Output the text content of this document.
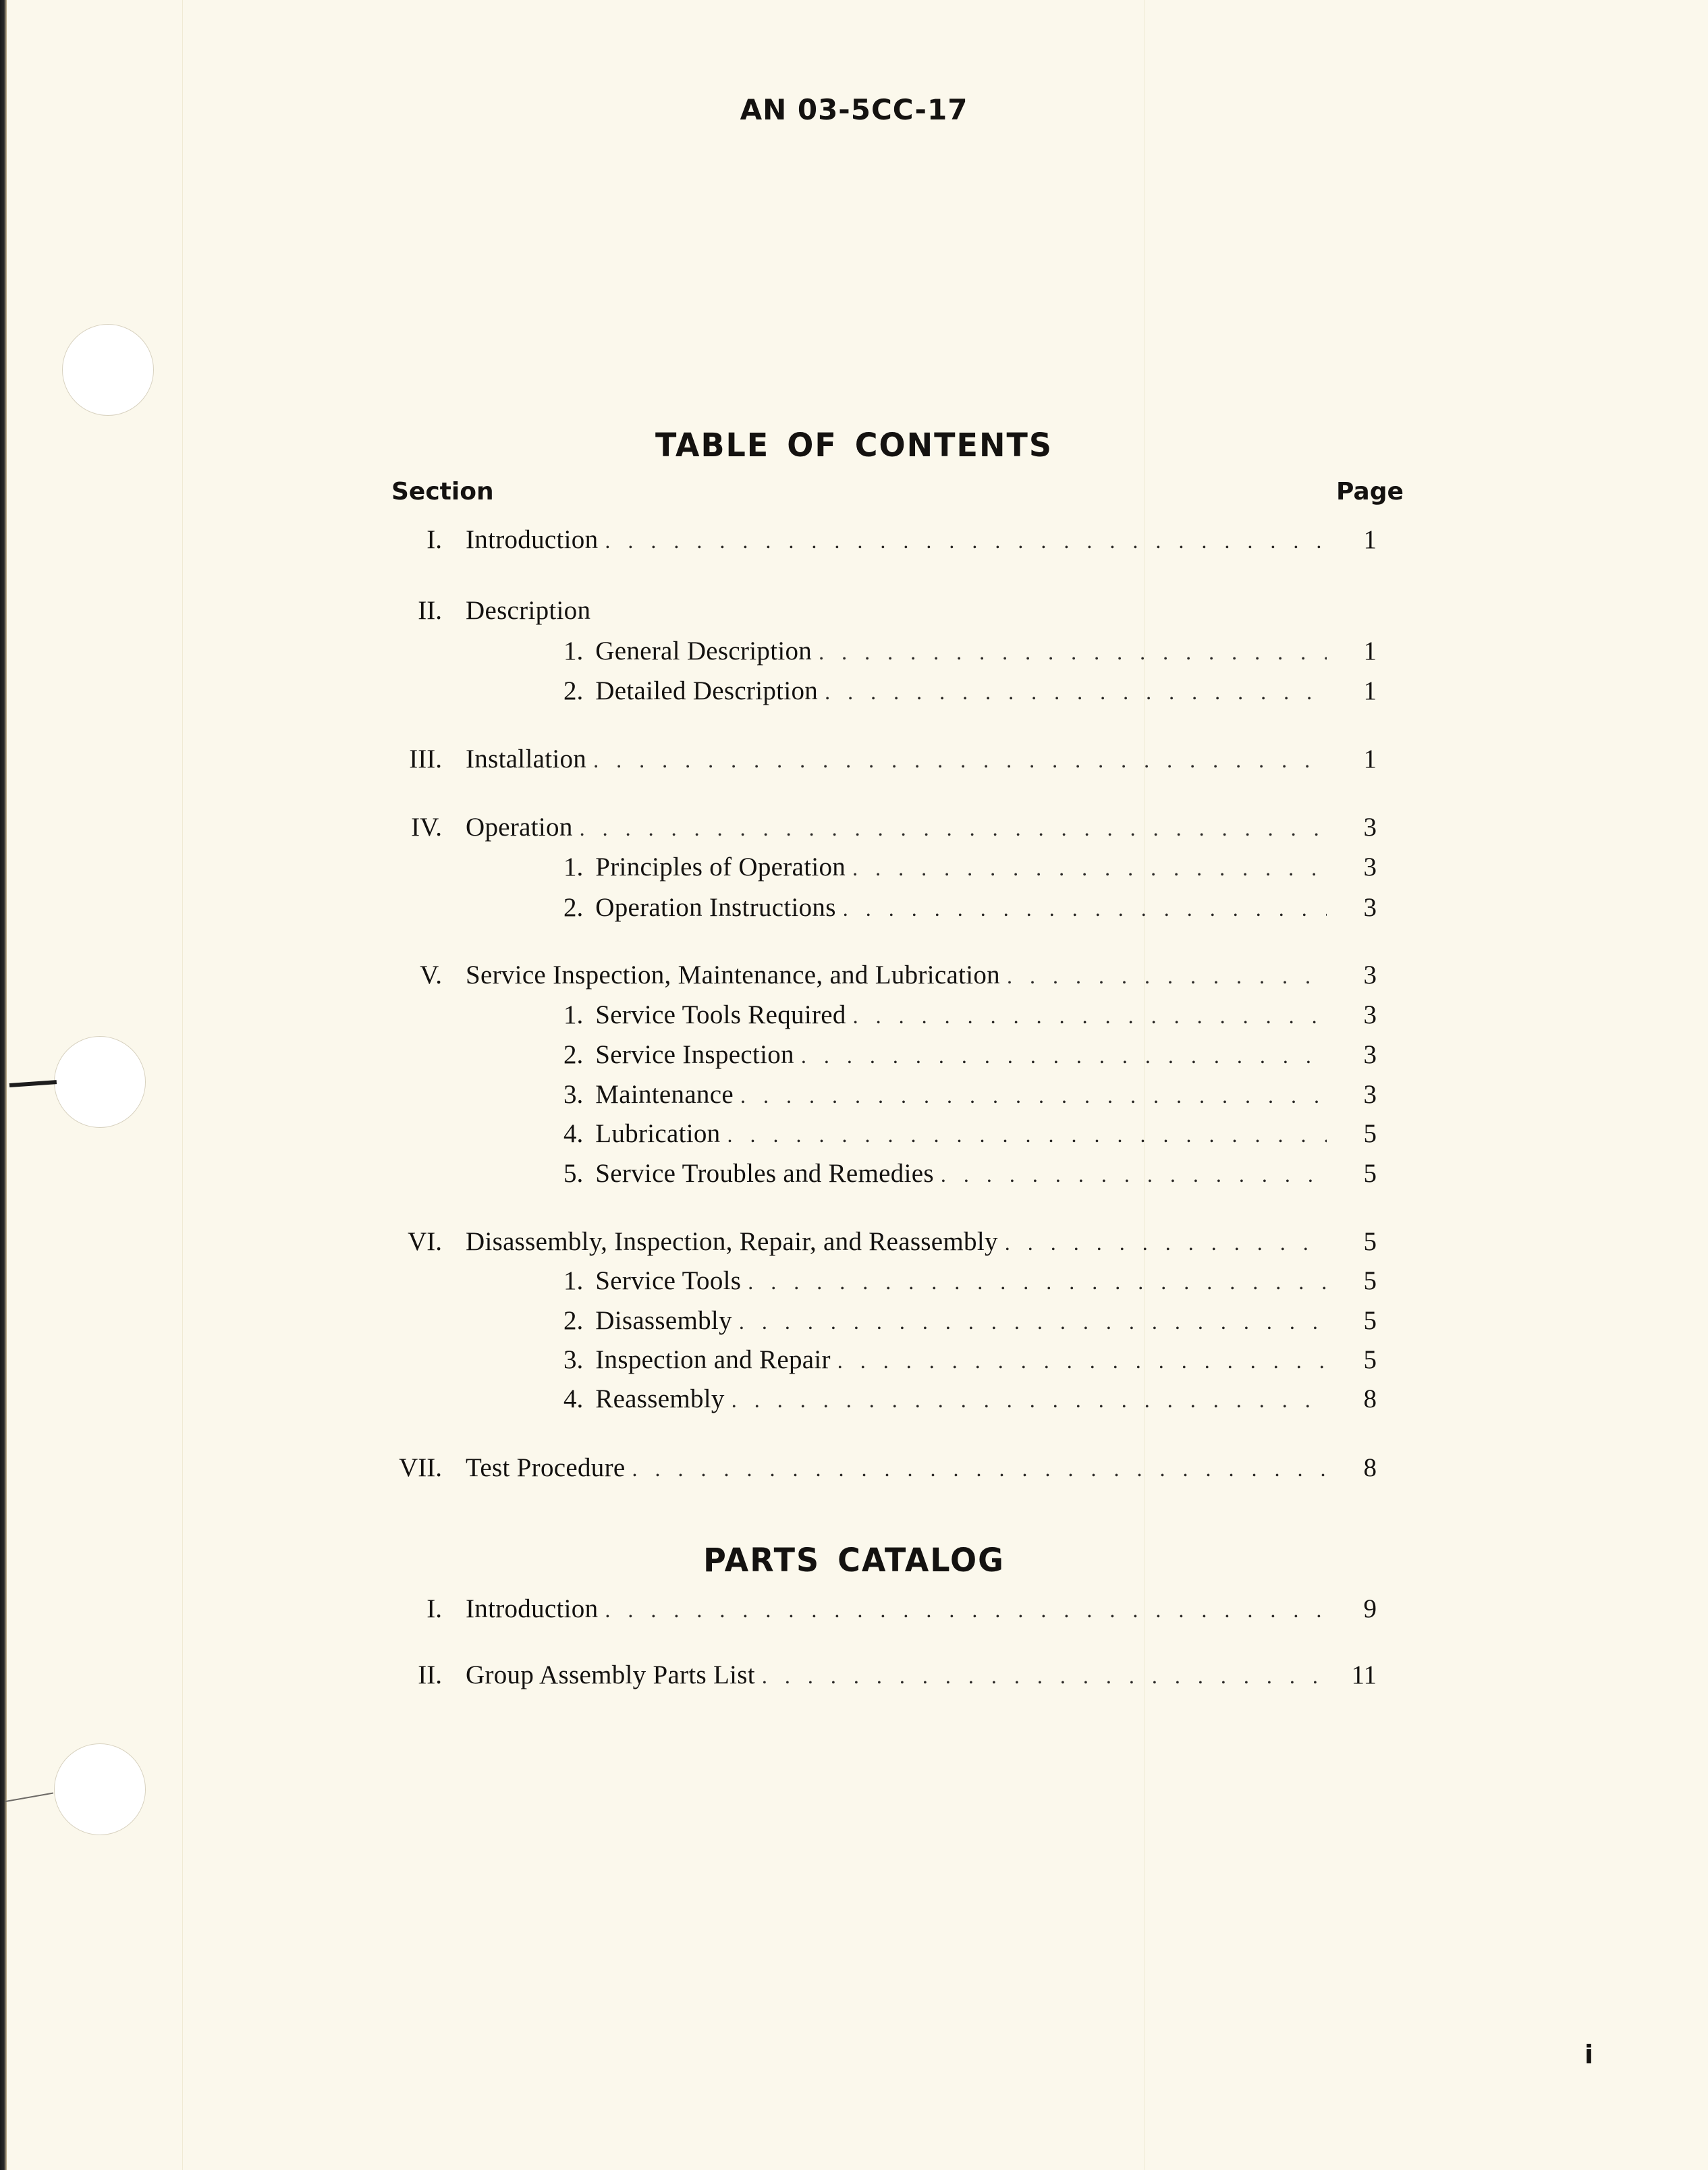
AN 03-5CC-17
TABLE OF CONTENTS
Section	Page
I. Introduction . . .	1
II. Description
1. General Description . . .	1
2. Detailed Description . . .	1
III. Installation . . .	1
IV. Operation . . .	3
1. Principles of Operation . . .	3
2. Operation Instructions . . .	3
V. Service Inspection, Maintenance, and Lubrication . . .	3
1. Service Tools Required . . .	3
2. Service Inspection . . .	3
3. Maintenance . . .	3
4. Lubrication . . .	5
5. Service Troubles and Remedies . . .	5
VI. Disassembly, Inspection, Repair, and Reassembly . . .	5
1. Service Tools . . .	5
2. Disassembly . . .	5
3. Inspection and Repair . . .	5
4. Reassembly . . .	8
VII. Test Procedure . . .	8
PARTS CATALOG
I. Introduction . . .	9
II. Group Assembly Parts List . . .	11
i
